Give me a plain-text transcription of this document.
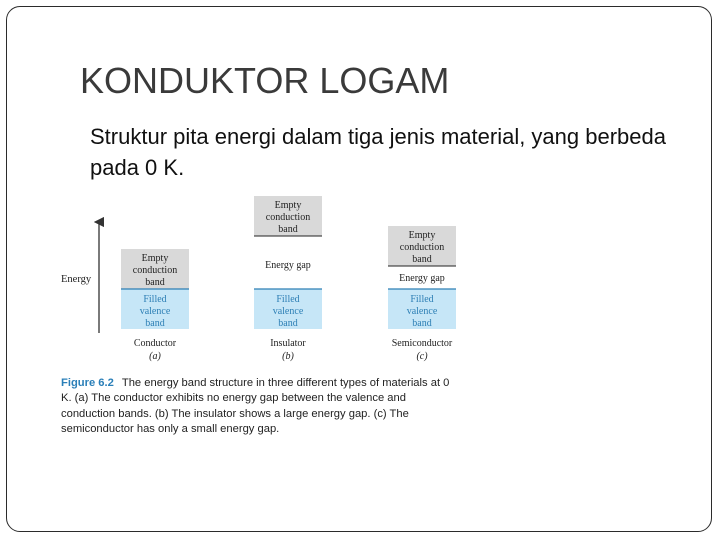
KONDUKTOR LOGAM
Struktur pita energi dalam tiga jenis material, yang berbeda pada 0 K.
Energy
Empty
conduction
band
Filled
valence
band
Conductor
(a)
Empty
conduction
band
Energy gap
Filled
valence
band
Insulator
(b)
Empty
conduction
band
Energy gap
Filled
valence
band
Semiconductor
(c)
Figure 6.2 The energy band structure in three different types of materials at 0 K. (a) The conductor exhibits no energy gap between the valence and conduction bands. (b) The insulator shows a large energy gap. (c) The semiconductor has only a small energy gap.
